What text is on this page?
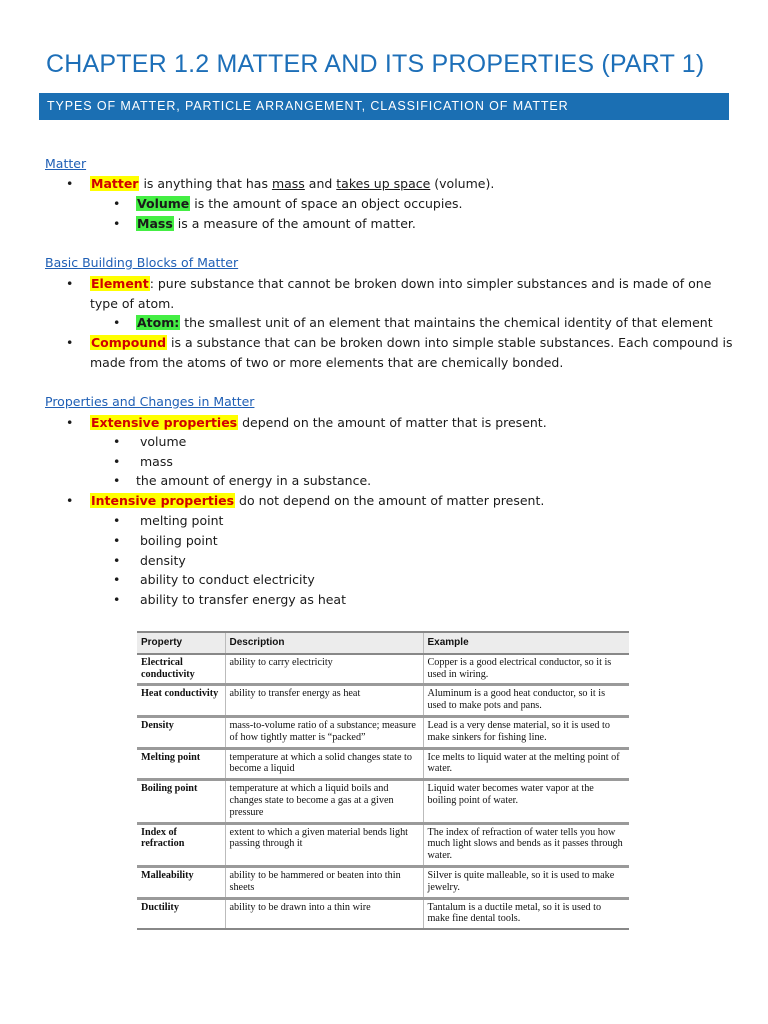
CHAPTER 1.2 MATTER AND ITS PROPERTIES (PART 1)
TYPES OF MATTER, PARTICLE ARRANGEMENT, CLASSIFICATION OF MATTER
Matter
• Matter is anything that has mass and takes up space (volume).
• Volume is the amount of space an object occupies.
• Mass is a measure of the amount of matter.
Basic Building Blocks of Matter
• Element: pure substance that cannot be broken down into simpler substances and is made of one
type of atom.
• Atom: the smallest unit of an element that maintains the chemical identity of that element
• Compound is a substance that can be broken down into simple stable substances. Each compound is
made from the atoms of two or more elements that are chemically bonded.
Properties and Changes in Matter
• Extensive properties depend on the amount of matter that is present.
• volume
• mass
• the amount of energy in a substance.
• Intensive properties do not depend on the amount of matter present.
• melting point
• boiling point
• density
• ability to conduct electricity
• ability to transfer energy as heat
Property	Description	Example
Electrical conductivity	ability to carry electricity	Copper is a good electrical conductor, so it is used in wiring.
Heat conductivity	ability to transfer energy as heat	Aluminum is a good heat conductor, so it is used to make pots and pans.
Density	mass-to-volume ratio of a substance; measure of how tightly matter is “packed”	Lead is a very dense material, so it is used to make sinkers for fishing line.
Melting point	temperature at which a solid changes state to become a liquid	Ice melts to liquid water at the melting point of water.
Boiling point	temperature at which a liquid boils and changes state to become a gas at a given pressure	Liquid water becomes water vapor at the boiling point of water.
Index of refraction	extent to which a given material bends light passing through it	The index of refraction of water tells you how much light slows and bends as it passes through water.
Malleability	ability to be hammered or beaten into thin sheets	Silver is quite malleable, so it is used to make jewelry.
Ductility	ability to be drawn into a thin wire	Tantalum is a ductile metal, so it is used to make fine dental tools.
